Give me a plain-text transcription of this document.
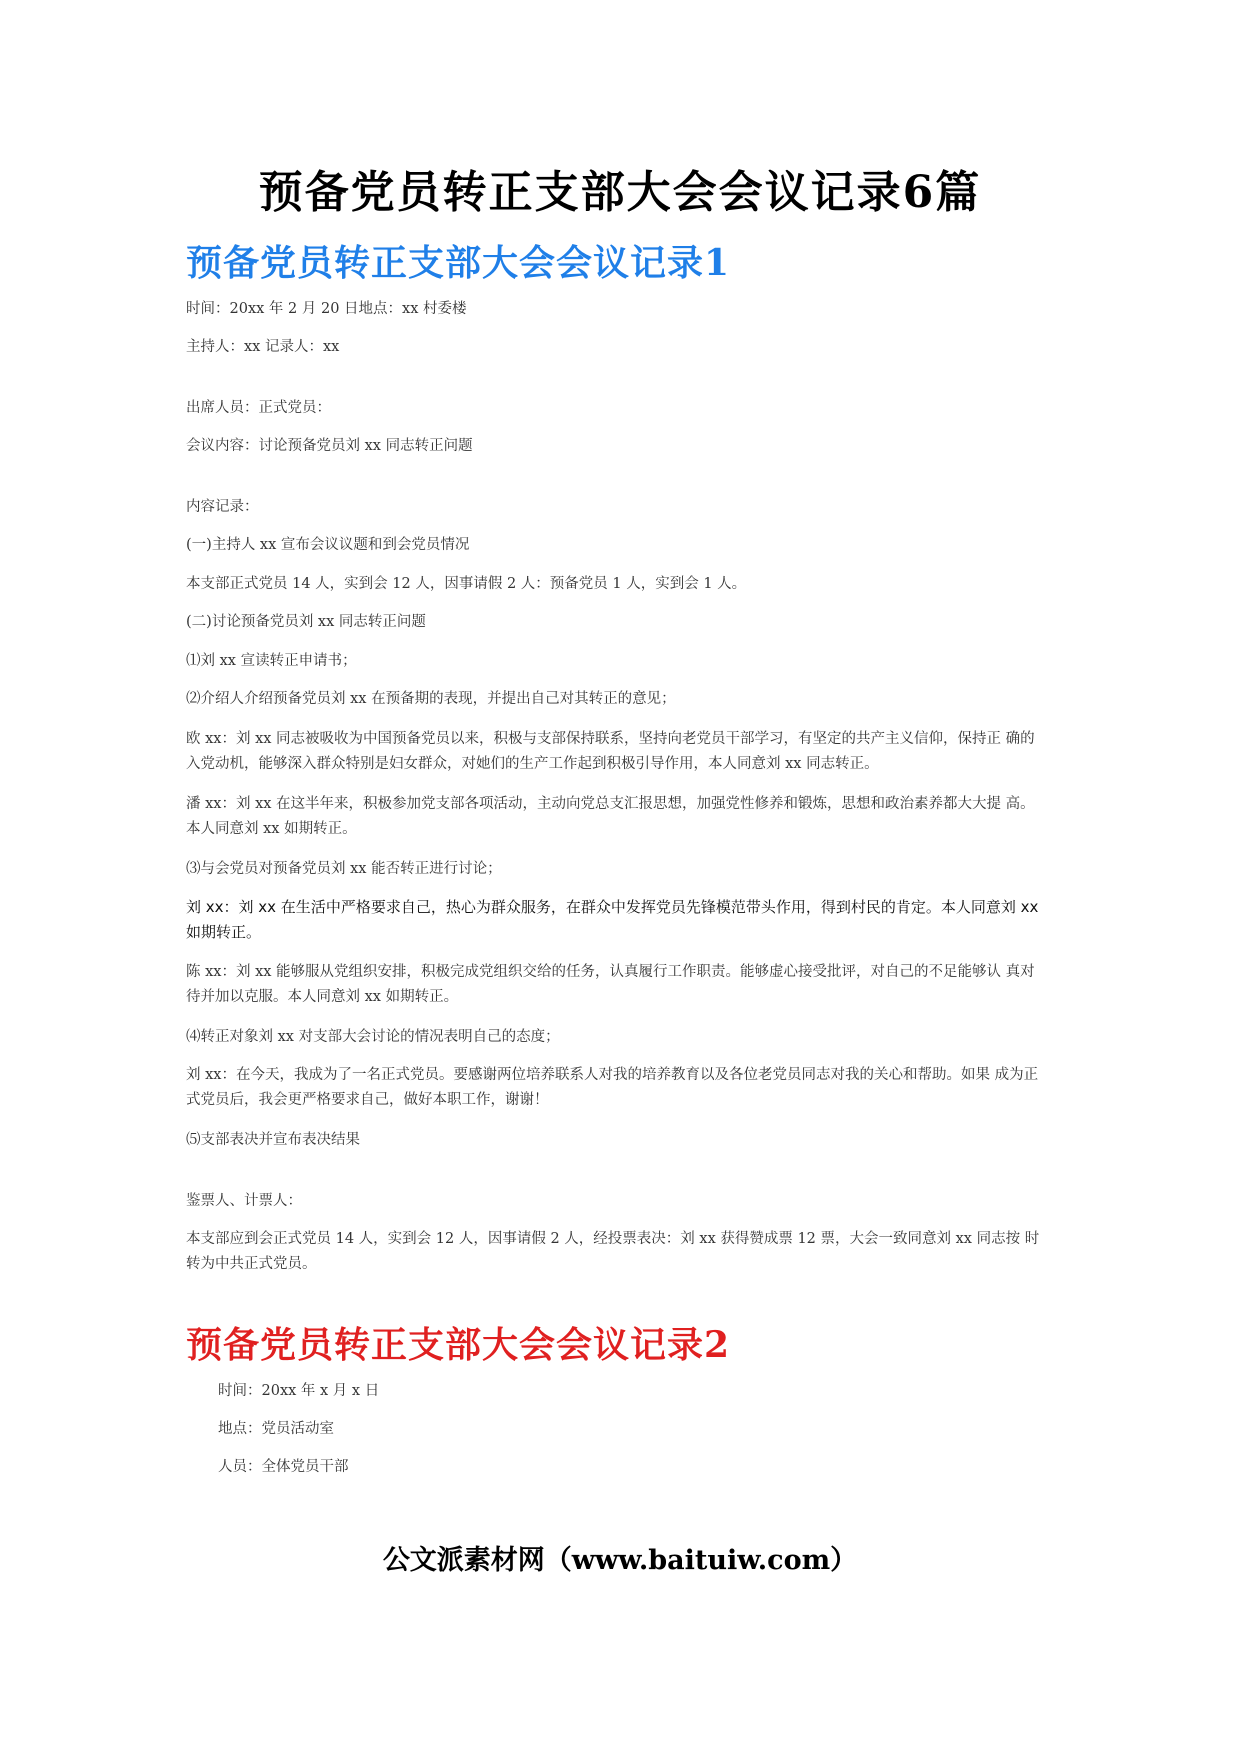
预备党员转正支部大会会议记录6篇
预备党员转正支部大会会议记录1
时间：20xx 年 2 月 20 日地点：xx 村委楼
主持人：xx 记录人：xx
出席人员：正式党员：
会议内容：讨论预备党员刘 xx 同志转正问题
内容记录：
(一)主持人 xx 宣布会议议题和到会党员情况
本支部正式党员 14 人，实到会 12 人，因事请假 2 人：预备党员 1 人，实到会 1 人。
(二)讨论预备党员刘 xx 同志转正问题
⑴刘 xx 宣读转正申请书；
⑵介绍人介绍预备党员刘 xx 在预备期的表现，并提出自己对其转正的意见；
欧 xx：刘 xx 同志被吸收为中国预备党员以来，积极与支部保持联系，坚持向老党员干部学习，有坚定的共产主义信仰，保持正 确的入党动机，能够深入群众特别是妇女群众，对她们的生产工作起到积极引导作用，本人同意刘 xx 同志转正。
潘 xx：刘 xx 在这半年来，积极参加党支部各项活动，主动向党总支汇报思想，加强党性修养和锻炼，思想和政治素养都大大提 高。本人同意刘 xx 如期转正。
⑶与会党员对预备党员刘 xx 能否转正进行讨论；
刘 xx：刘 xx 在生活中严格要求自己，热心为群众服务，在群众中发挥党员先锋模范带头作用，得到村民的肯定。本人同意刘 xx 如期转正。
陈 xx：刘 xx 能够服从党组织安排，积极完成党组织交给的任务，认真履行工作职责。能够虚心接受批评，对自己的不足能够认 真对待并加以克服。本人同意刘 xx 如期转正。
⑷转正对象刘 xx 对支部大会讨论的情况表明自己的态度；
刘 xx：在今天，我成为了一名正式党员。要感谢两位培养联系人对我的培养教育以及各位老党员同志对我的关心和帮助。如果 成为正式党员后，我会更严格要求自己，做好本职工作，谢谢！
⑸支部表决并宣布表决结果
鉴票人、计票人：
本支部应到会正式党员 14 人，实到会 12 人，因事请假 2 人，经投票表决：刘 xx 获得赞成票 12 票，大会一致同意刘 xx 同志按 时转为中共正式党员。
预备党员转正支部大会会议记录2
时间：20xx 年 x 月 x 日
地点：党员活动室
人员：全体党员干部
公文派素材网（www.baituiw.com）
